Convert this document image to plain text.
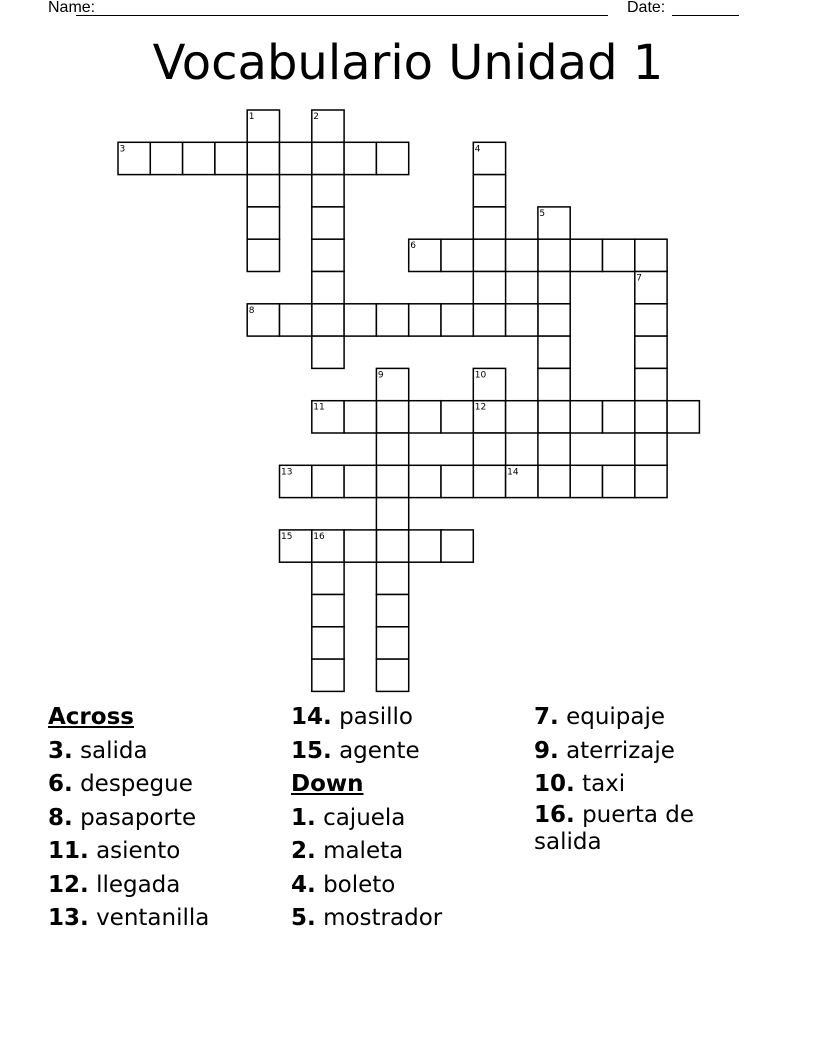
Name:	Date:
Vocabulario Unidad 1
1	2
3	4
5
6
7
8
9	10
11	12
13	14
15 16
Across
3. salida
6. despegue
8. pasaporte
11. asiento
12. llegada
13. ventanilla
14. pasillo
15. agente
Down
1. cajuela
2. maleta
4. boleto
5. mostrador
7. equipaje
9. aterrizaje
10. taxi
16. puerta de salida
